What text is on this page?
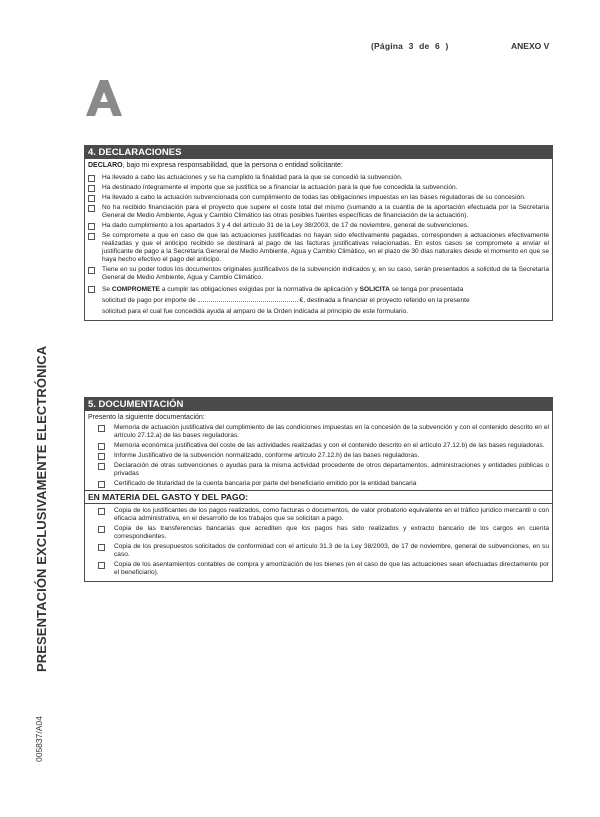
(Página 3 de 6 )	ANEXO V
PRESENTACIÓN EXCLUSIVAMENTE ELECTRÓNICA
005837/A04
4. DECLARACIONES
DECLARO, bajo mi expresa responsabilidad, que la persona o entidad solicitante:
Ha llevado a cabo las actuaciones y se ha cumplido la finalidad para la que se concedió la subvención.
Ha destinado íntegramente el importe que se justifica se a financiar la actuación para la que fue concedida la subvención.
Ha llevado a cabo la actuación subvencionada con cumplimiento de todas las obligaciones impuestas en las bases reguladoras de su concesión.
No ha recibido financiación para el proyecto que supere el coste total del mismo (sumando a la cuantía de la aportación efectuada por la Secretaría General de Medio Ambiente, Agua y Cambio Climático las otras posibles fuentes específicas de financiación de la actuación).
Ha dado cumplimiento a los apartados 3 y 4 del artículo 31 de la Ley 38/2003, de 17 de noviembre, general de subvenciones.
Se compromete a que en caso de que las actuaciones justificadas no hayan sido efectivamente pagadas, corresponden a actuaciones efectivamente realizadas y que el anticipo recibido se destinará al pago de las facturas justificativas relacionadas. En estos casos se compromete a enviar el justificante de pago a la Secretaría General de Medio Ambiente, Agua y Cambio Climático, en el plazo de 30 días naturales desde el momento en que se haya hecho efectivo el pago del anticipo.
Tiene en su poder todos los documentos originales justificativos de la subvención indicados y, en su caso, serán presentados a solicitud de la Secretaría General de Medio Ambiente, Agua y Cambio Climático.
Se COMPROMETE a cumplir las obligaciones exigidas por la normativa de aplicación y SOLICITA se tenga por presentada
solicitud de pago por importe de	€, destinada a financiar el proyecto referido en la presente
solicitud para el cual fue concedida ayuda al amparo de la Orden indicada al principio de este formulario.
5. DOCUMENTACIÓN
Presento la siguiente documentación:
Memoria de actuación justificativa del cumplimiento de las condiciones impuestas en la concesión de la subvención y con el contenido descrito en el artículo 27.12.a) de las bases reguladoras.
Memoria económica justificativa del coste de las actividades realizadas y con el contenido descrito en el artículo 27.12.b) de las bases reguladoras.
Informe Justificativo de la subvención normalizado, conforme artículo 27.12.h) de las bases reguladoras.
Declaración de otras subvenciones o ayudas para la misma actividad procedente de otros departamentos, administraciones y entidades públicas o privadas
Certificado de titularidad de la cuenta bancaria por parte del beneficiario emitido por la entidad bancaria
EN MATERIA DEL GASTO Y DEL PAGO:
Copia de los justificantes de los pagos realizados, como facturas o documentos, de valor probatorio equivalente en el tráfico jurídico mercantil o con eficacia administrativa, en el desarrollo de los trabajos que se solicitan a pago.
Copia de las transferencias bancarias que acrediten que los pagos has sido realizados y extracto bancario de los cargos en cuenta correspondientes.
Copia de los presupuestos solicitados de conformidad con el artículo 31.3 de la Ley 38/2003, de 17 de noviembre, general de subvenciones, en su caso.
Copia de los asentamientos contables de compra y amortización de los bienes (en el caso de que las actuaciones sean efectuadas directamente por el beneficiario).
